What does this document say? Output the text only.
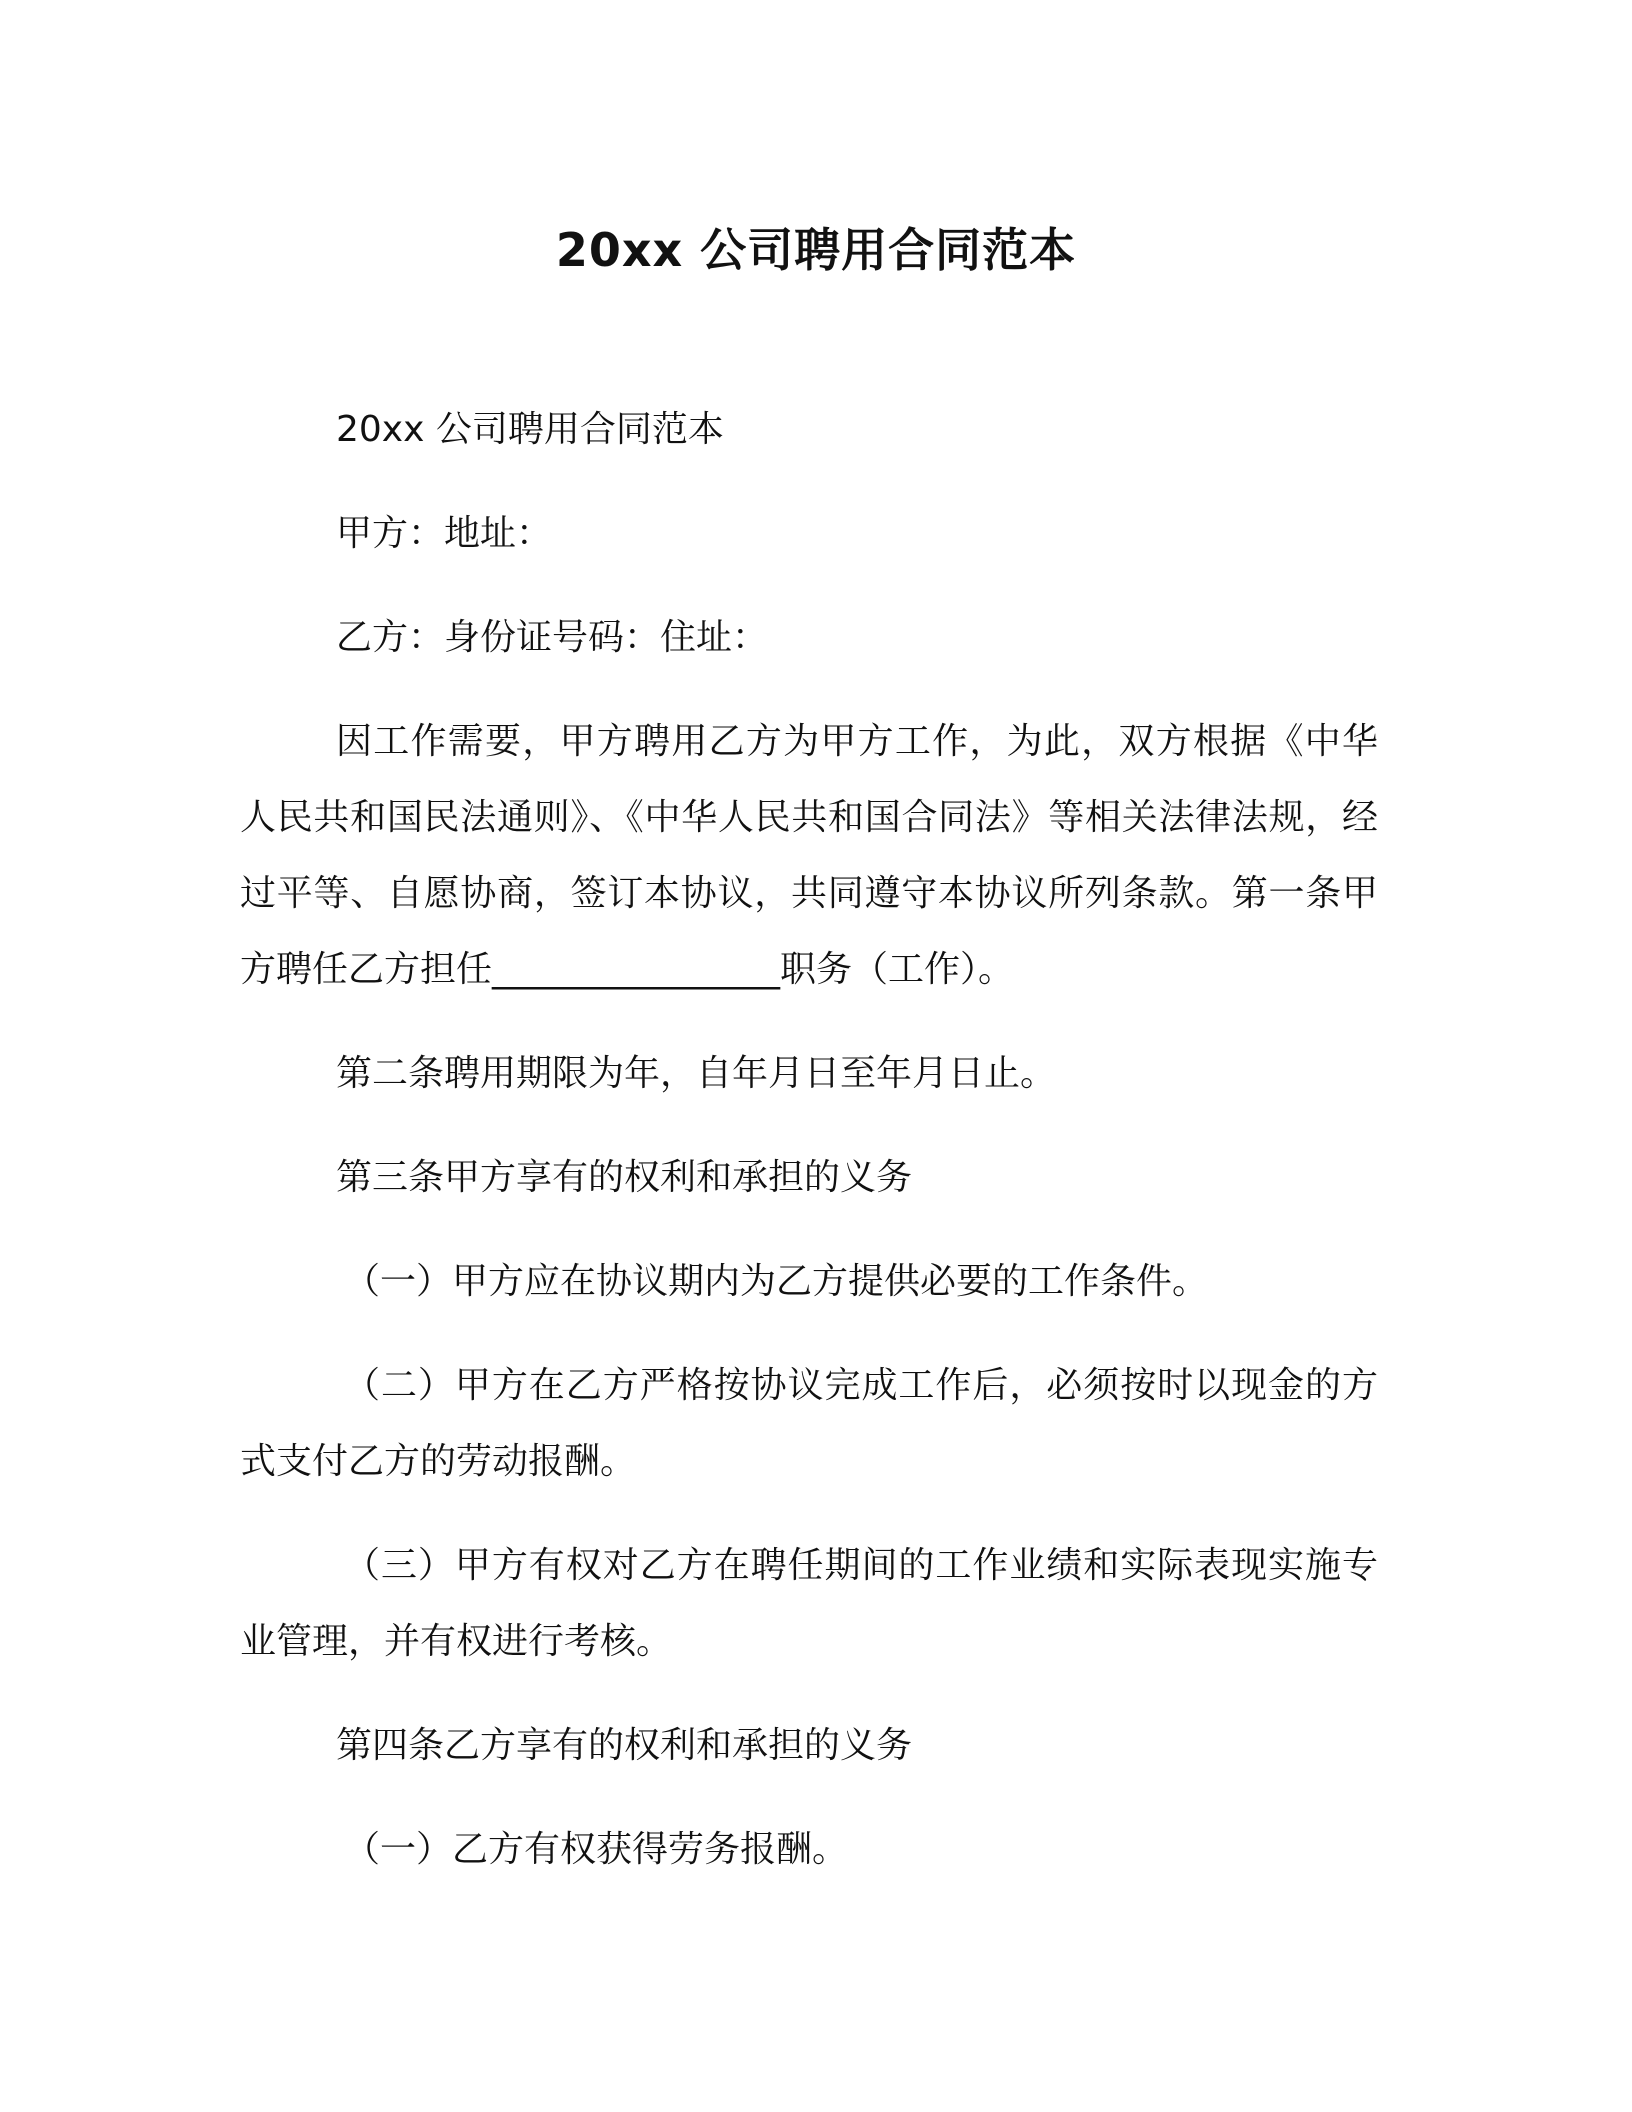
20xx 公司聘用合同范本

20xx 公司聘用合同范本

甲方：地址：

乙方：身份证号码：住址：

因工作需要，甲方聘用乙方为甲方工作，为此，双方根据《中华人民共和国民法通则》、《中华人民共和国合同法》等相关法律法规，经过平等、自愿协商，签订本协议，共同遵守本协议所列条款。第一条甲方聘任乙方担任________________职务（工作）。

第二条聘用期限为年，自年月日至年月日止。

第三条甲方享有的权利和承担的义务

（一）甲方应在协议期内为乙方提供必要的工作条件。

（二）甲方在乙方严格按协议完成工作后，必须按时以现金的方式支付乙方的劳动报酬。

（三）甲方有权对乙方在聘任期间的工作业绩和实际表现实施专业管理，并有权进行考核。

第四条乙方享有的权利和承担的义务

（一）乙方有权获得劳务报酬。
